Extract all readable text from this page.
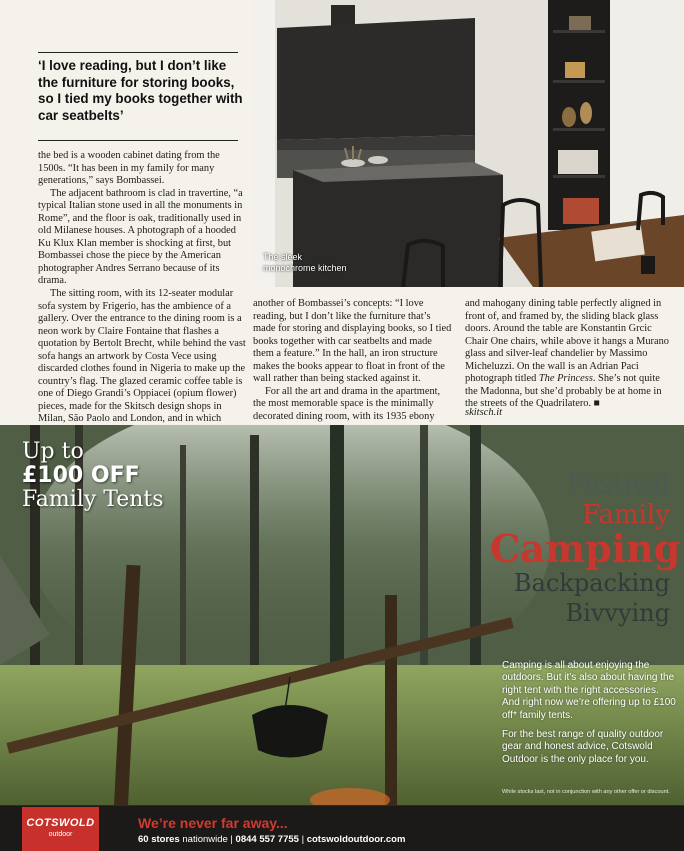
‘I love reading, but I don’t like the furniture for storing books, so I tied my books together with car seatbelts’

the bed is a wooden cabinet dating from the 1500s. “It has been in my family for many generations,” says Bombassei.

The adjacent bathroom is clad in travertine, “a typical Italian stone used in all the monuments in Rome”, and the floor is oak, traditionally used in old Milanese houses. A photograph of a hooded Ku Klux Klan member is shocking at first, but Bombassei chose the piece by the American photographer Andres Serrano because of its drama.

The sitting room, with its 12-seater modular sofa system by Frigerio, has the ambience of a gallery. Over the entrance to the dining room is a neon work by Claire Fontaine that flashes a quotation by Bertolt Brecht, while behind the vast sofa hangs an artwork by Costa Vece using discarded clothes found in Nigeria to make up the country’s flag. The glazed ceramic coffee table is one of Diego Grandi’s Oppiacei (opium flower) pieces, made for the Skitsch design shops in Milan, São Paolo and London, and in which

another of Bombassei’s concepts: “I love reading, but I don’t like the furniture that’s made for storing and displaying books, so I tied books together with car seatbelts and made them a feature.” In the hall, an iron structure makes the books appear to float in front of the wall rather than being stacked against it.

For all the art and drama in the apartment, the most memorable space is the minimally decorated dining room, with its 1935 ebony

and mahogany dining table perfectly aligned in front of, and framed by, the sliding black glass doors. Around the table are Konstantin Grcic Chair One chairs, while above it hangs a Murano glass and silver-leaf chandelier by Massimo Micheluzzi. On the wall is an Adrian Paci photograph titled The Princess. She’s not quite the Madonna, but she’d probably be at home in the streets of the Quadrilatero. ■

skitsch.it
The sleek
monochrome kitchen
Up to
£100 OFF
Family Tents	Festival
Family
Camping
Backpacking
Bivvying

Camping is all about enjoying the outdoors. But it’s also about having the right tent with the right accessories. And right now we’re offering up to £100 off* family tents.

For the best range of quality outdoor gear and honest advice, Cotswold Outdoor is the only place for you.

While stocks last, not in conjunction with any other offer or discount.
COTSWOLD
outdoor
We’re never far away...
60 stores nationwide | 0844 557 7755 | cotswoldoutdoor.com
